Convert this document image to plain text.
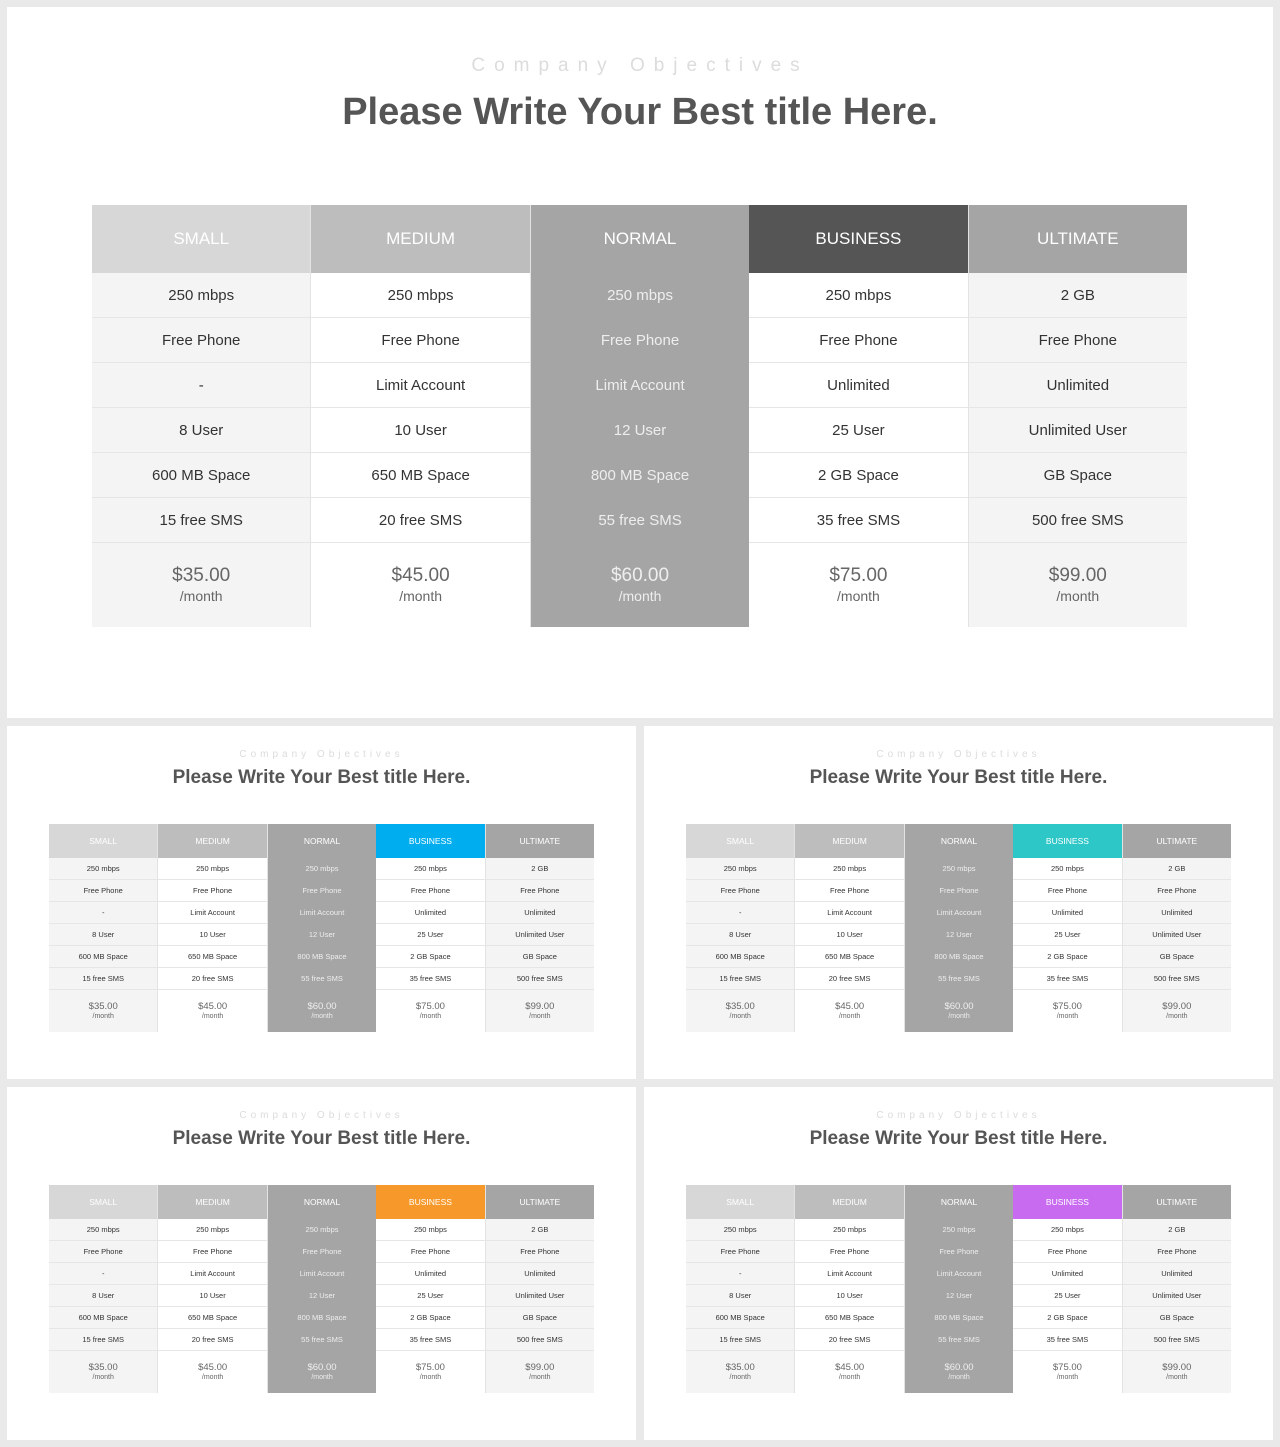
Company Objectives
Please Write Your Best title Here.
SMALL
250 mbps
Free Phone
-
8 User
600 MB Space
15 free SMS
$35.00
/month
MEDIUM
250 mbps
Free Phone
Limit Account
10 User
650 MB Space
20 free SMS
$45.00
/month
NORMAL
250 mbps
Free Phone
Limit Account
12 User
800 MB Space
55 free SMS
$60.00
/month
BUSINESS
250 mbps
Free Phone
Unlimited
25 User
2 GB Space
35 free SMS
$75.00
/month
ULTIMATE
2 GB
Free Phone
Unlimited
Unlimited User
GB Space
500 free SMS
$99.00
/month
Company Objectives
Please Write Your Best title Here.
SMALL
250 mbps
Free Phone
-
8 User
600 MB Space
15 free SMS
$35.00
/month
MEDIUM
250 mbps
Free Phone
Limit Account
10 User
650 MB Space
20 free SMS
$45.00
/month
NORMAL
250 mbps
Free Phone
Limit Account
12 User
800 MB Space
55 free SMS
$60.00
/month
BUSINESS
250 mbps
Free Phone
Unlimited
25 User
2 GB Space
35 free SMS
$75.00
/month
ULTIMATE
2 GB
Free Phone
Unlimited
Unlimited User
GB Space
500 free SMS
$99.00
/month
Company Objectives
Please Write Your Best title Here.
SMALL
250 mbps
Free Phone
-
8 User
600 MB Space
15 free SMS
$35.00
/month
MEDIUM
250 mbps
Free Phone
Limit Account
10 User
650 MB Space
20 free SMS
$45.00
/month
NORMAL
250 mbps
Free Phone
Limit Account
12 User
800 MB Space
55 free SMS
$60.00
/month
BUSINESS
250 mbps
Free Phone
Unlimited
25 User
2 GB Space
35 free SMS
$75.00
/month
ULTIMATE
2 GB
Free Phone
Unlimited
Unlimited User
GB Space
500 free SMS
$99.00
/month
Company Objectives
Please Write Your Best title Here.
SMALL
250 mbps
Free Phone
-
8 User
600 MB Space
15 free SMS
$35.00
/month
MEDIUM
250 mbps
Free Phone
Limit Account
10 User
650 MB Space
20 free SMS
$45.00
/month
NORMAL
250 mbps
Free Phone
Limit Account
12 User
800 MB Space
55 free SMS
$60.00
/month
BUSINESS
250 mbps
Free Phone
Unlimited
25 User
2 GB Space
35 free SMS
$75.00
/month
ULTIMATE
2 GB
Free Phone
Unlimited
Unlimited User
GB Space
500 free SMS
$99.00
/month
Company Objectives
Please Write Your Best title Here.
SMALL
250 mbps
Free Phone
-
8 User
600 MB Space
15 free SMS
$35.00
/month
MEDIUM
250 mbps
Free Phone
Limit Account
10 User
650 MB Space
20 free SMS
$45.00
/month
NORMAL
250 mbps
Free Phone
Limit Account
12 User
800 MB Space
55 free SMS
$60.00
/month
BUSINESS
250 mbps
Free Phone
Unlimited
25 User
2 GB Space
35 free SMS
$75.00
/month
ULTIMATE
2 GB
Free Phone
Unlimited
Unlimited User
GB Space
500 free SMS
$99.00
/month
